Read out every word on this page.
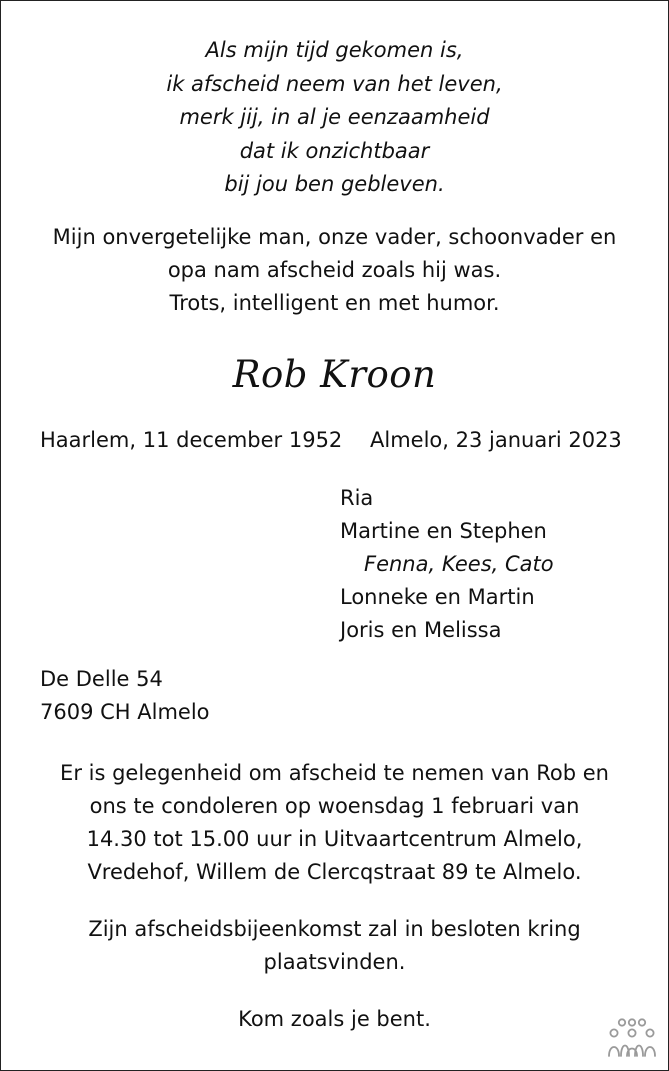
Als mijn tijd gekomen is,
ik afscheid neem van het leven,
merk jij, in al je eenzaamheid
dat ik onzichtbaar
bij jou ben gebleven.
Mijn onvergetelijke man, onze vader, schoonvader en
opa nam afscheid zoals hij was.
Trots, intelligent en met humor.
Rob Kroon
Haarlem, 11 december 1952 Almelo, 23 januari 2023
Ria
Martine en Stephen
Fenna, Kees, Cato
Lonneke en Martin
Joris en Melissa
De Delle 54
7609 CH Almelo
Er is gelegenheid om afscheid te nemen van Rob en
ons te condoleren op woensdag 1 februari van
14.30 tot 15.00 uur in Uitvaartcentrum Almelo,
Vredehof, Willem de Clercqstraat 89 te Almelo.
Zijn afscheidsbijeenkomst zal in besloten kring
plaatsvinden.
Kom zoals je bent.
